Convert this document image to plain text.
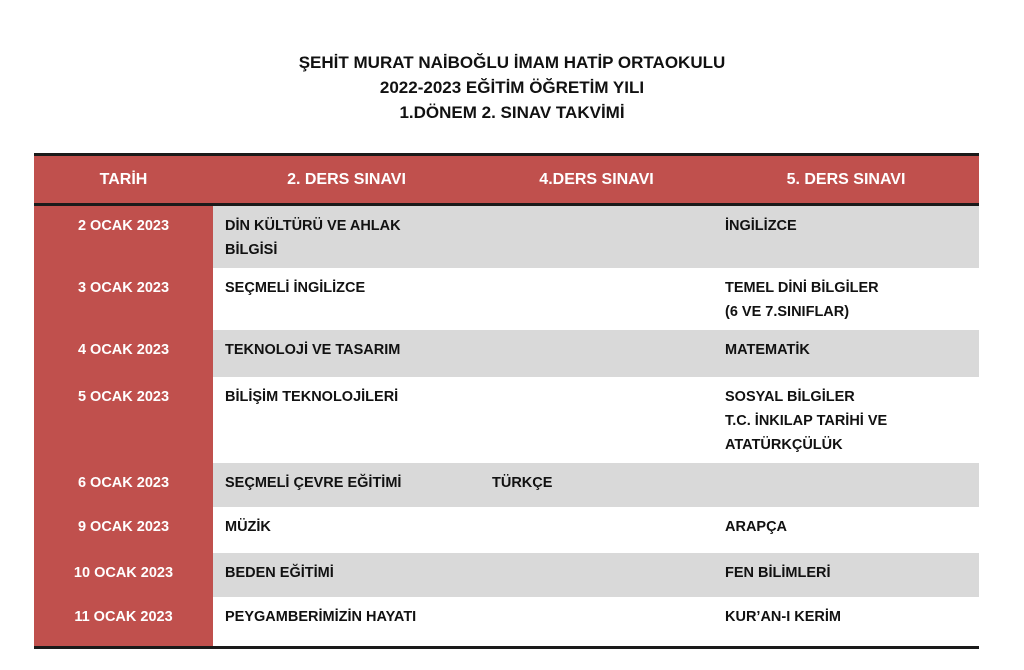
ŞEHİT MURAT NAİBOĞLU İMAM HATİP ORTAOKULU
2022-2023 EĞİTİM ÖĞRETİM YILI
1.DÖNEM 2. SINAV TAKVİMİ
TARİH	2. DERS SINAVI	4.DERS SINAVI	5. DERS SINAVI
2 OCAK 2023	DİN KÜLTÜRÜ VE AHLAK
BİLGİSİ		İNGİLİZCE
3 OCAK 2023	SEÇMELİ İNGİLİZCE		TEMEL DİNİ BİLGİLER
(6 VE 7.SINIFLAR)
4 OCAK 2023	TEKNOLOJİ VE TASARIM		MATEMATİK
5 OCAK 2023	BİLİŞİM TEKNOLOJİLERİ		SOSYAL BİLGİLER
T.C. İNKILAP TARİHİ VE
ATATÜRKÇÜLÜK
6 OCAK 2023	SEÇMELİ ÇEVRE EĞİTİMİ	TÜRKÇE	
9 OCAK 2023	MÜZİK		ARAPÇA
10 OCAK 2023	BEDEN EĞİTİMİ		FEN BİLİMLERİ
11 OCAK 2023	PEYGAMBERİMİZİN HAYATI		KUR’AN-I KERİM
